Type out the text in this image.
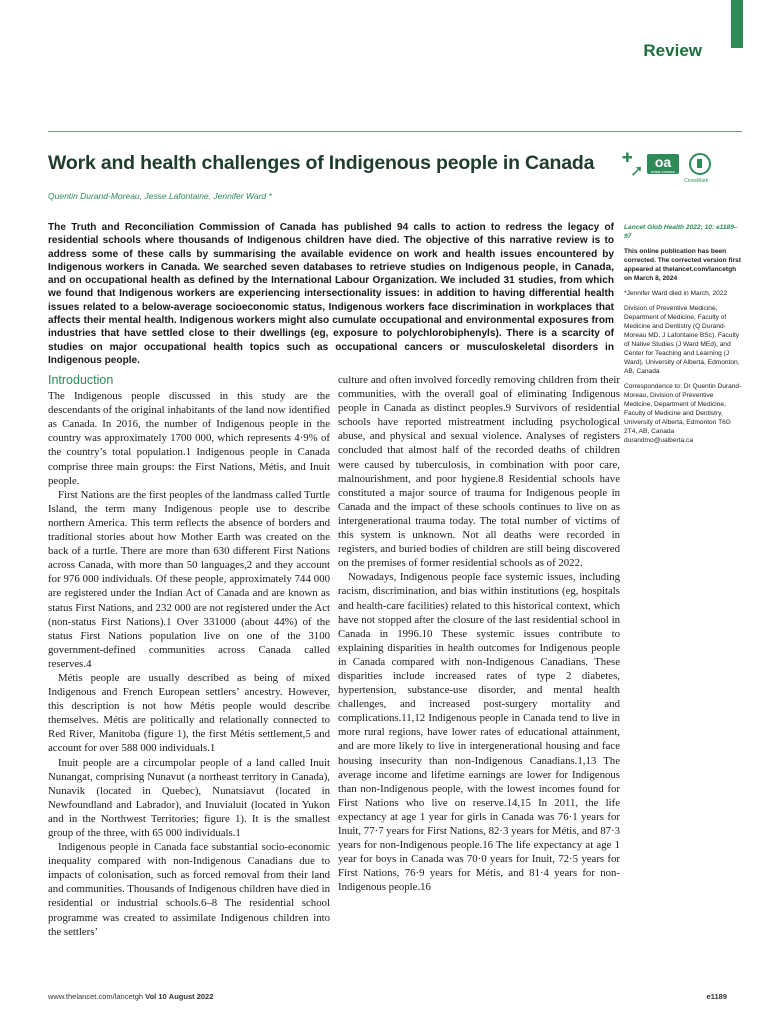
Review
Work and health challenges of Indigenous people in Canada
Quentin Durand-Moreau, Jesse Lafontaine, Jennifer Ward *
✚
➚ oa
OPEN ACCESS
CrossMark

The Truth and Reconciliation Commission of Canada has published 94 calls to action to redress the legacy of residential schools where thousands of Indigenous children have died. The objective of this narrative review is to address some of these calls by summarising the available evidence on work and health issues encountered by Indigenous workers in Canada. We searched seven databases to retrieve studies on Indigenous people, in Canada, and on occupational health as defined by the International Labour Organization. We included 31 studies, from which we found that Indigenous workers are experiencing intersectionality issues: in addition to having differential health issues related to a below-average socioeconomic status, Indigenous workers face discrimination in workplaces that affects their mental health. Indigenous workers might also cumulate occupational and environmental exposures from industries that have settled close to their dwellings (eg, exposure to polychlorobiphenyls). There is a scarcity of studies on major occupational health topics such as occupational cancers or musculoskeletal disorders in Indigenous people.

Introduction

The Indigenous people discussed in this study are the descendants of the original inhabitants of the land now identified as Canada. In 2016, the number of Indigenous people in the country was approximately 1700 000, which represents 4·9% of the country’s total population.1 Indigenous people in Canada comprise three main groups: the First Nations, Métis, and Inuit people.

First Nations are the first peoples of the landmass called Turtle Island, the term many Indigenous people use to describe northern America. This term reflects the absence of borders and traditional stories about how Mother Earth was created on the back of a turtle. There are more than 630 different First Nations across Canada, with more than 50 languages,2 and they account for 976 000 individuals. Of these people, approximately 744 000 are registered under the Indian Act of Canada and are known as status First Nations, and 232 000 are not registered under the Act (non-status First Nations).1 Over 331000 (about 44%) of the status First Nations population live on one of the 3100 government-defined communities across Canada called reserves.4

Métis people are usually described as being of mixed Indigenous and French European settlers’ ancestry. However, this description is not how Métis people would describe themselves. Métis are politically and relationally connected to Red River, Manitoba (figure 1), the first Métis settlement,5 and account for over 588 000 individuals.1

Inuit people are a circumpolar people of a land called Inuit Nunangat, comprising Nunavut (a northeast territory in Canada), Nunavik (located in Quebec), Nunatsiavut (located in Newfoundland and Labrador), and Inuvialuit (located in Yukon and in the Northwest Territories; figure 1). It is the smallest group of the three, with 65 000 individuals.1

Indigenous people in Canada face substantial socio-economic inequality compared with non-Indigenous Canadians due to impacts of colonisation, such as forced removal from their land and communities. Thousands of Indigenous children have died in residential or industrial schools.6–8 The residential school programme was created to assimilate Indigenous children into the settlers’

culture and often involved forcedly removing children from their communities, with the overall goal of eliminating Indigenous people in Canada as distinct peoples.9 Survivors of residential schools have reported mistreatment including psychological abuse, and physical and sexual violence. Analyses of registers concluded that almost half of the recorded deaths of children were caused by tuberculosis, in combination with poor care, malnourishment, and poor hygiene.8 Residential schools have constituted a major source of trauma for Indigenous people in Canada and the impact of these schools continues to live on as intergenerational trauma today. The total number of victims of this system is unknown. Not all deaths were recorded in registers, and buried bodies of children are still being discovered on the premises of former residential schools as of 2022.

Nowadays, Indigenous people face systemic issues, including racism, discrimination, and bias within institutions (eg, hospitals and health-care facilities) related to this historical context, which have not stopped after the closure of the last residential school in Canada in 1996.10 These systemic issues contribute to explaining disparities in health outcomes for Indigenous people in Canada compared with non-Indigenous Canadians. These disparities include increased rates of type 2 diabetes, hypertension, substance-use disorder, and mental health challenges, and increased post-surgery mortality and complications.11,12 Indigenous people in Canada tend to live in more rural regions, have lower rates of educational attainment, and are more likely to live in intergenerational housing and face housing insecurity than non-Indigenous Canadians.1,13 The average income and lifetime earnings are lower for Indigenous than non-Indigenous people, with the lowest incomes found for First Nations who live on reserve.14,15 In 2011, the life expectancy at age 1 year for girls in Canada was 76·1 years for Inuit, 77·7 years for First Nations, 82·3 years for Métis, and 87·3 years for non-Indigenous people.16 The life expectancy at age 1 year for boys in Canada was 70·0 years for Inuit, 72·5 years for First Nations, 76·9 years for Métis, and 81·4 years for non-Indigenous people.16

Lancet Glob Health 2022; 10: e1189–97

This online publication has been corrected. The corrected version first appeared at thelancet.com/lancetgh on March 8, 2024

*Jennifer Ward died in March, 2022

Division of Preventive Medicine, Department of Medicine, Faculty of Medicine and Dentistry (Q Durand-Moreau MD, J Lafontaine BSc), Faculty of Native Studies (J Ward MEd), and Center for Teaching and Learning (J Ward), University of Alberta, Edmonton, AB, Canada

Correspondence to: Dr Quentin Durand-Moreau, Division of Preventive Medicine, Department of Medicine, Faculty of Medicine and Dentistry, University of Alberta, Edmonton T6G 2T4, AB, Canada durandmo@ualberta.ca

www.thelancet.com/lancetgh Vol 10 August 2022	e1189
